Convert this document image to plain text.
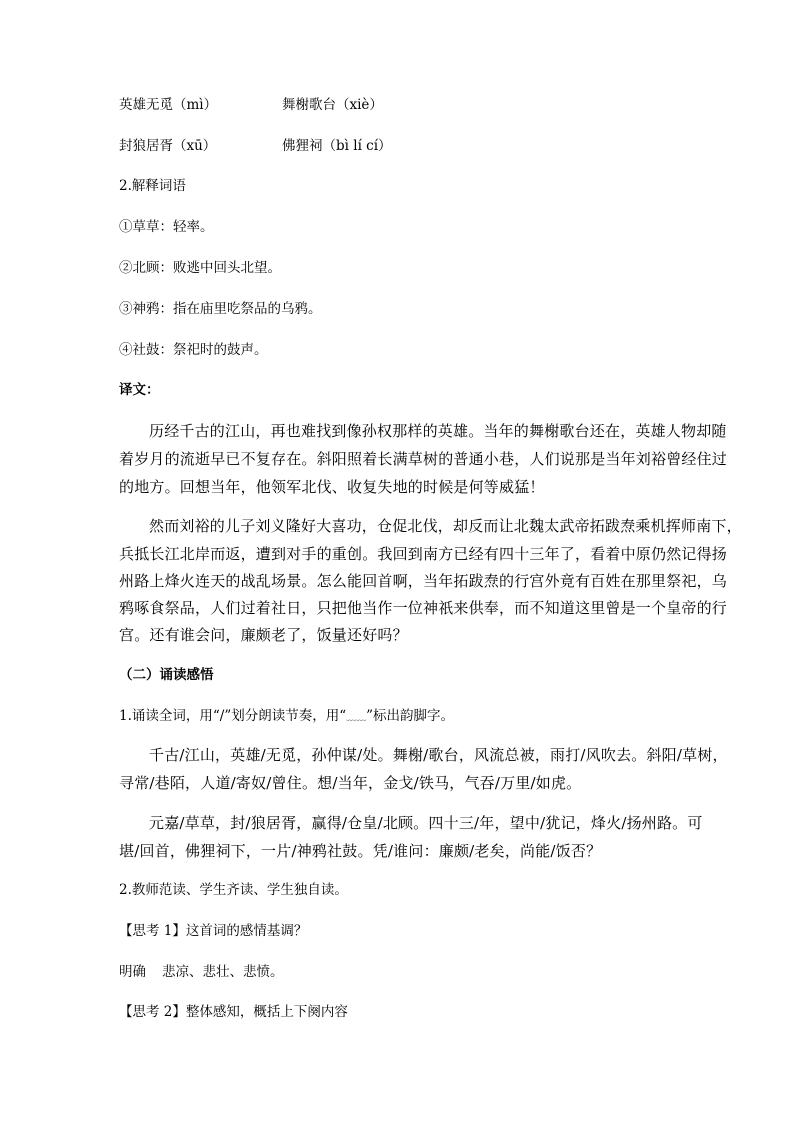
英雄无觅（mì）	舞榭歌台（xiè）
封狼居胥（xū）	佛狸祠（bì lí cí）
2.解释词语
①草草：轻率。
②北顾：败逃中回头北望。
③神鸦：指在庙里吃祭品的乌鸦。
④社鼓：祭祀时的鼓声。
译文：
历经千古的江山，再也难找到像孙权那样的英雄。当年的舞榭歌台还在，英雄人物却随
着岁月的流逝早已不复存在。斜阳照着长满草树的普通小巷，人们说那是当年刘裕曾经住过
的地方。回想当年，他领军北伐、收复失地的时候是何等威猛！
然而刘裕的儿子刘义隆好大喜功，仓促北伐，却反而让北魏太武帝拓跋焘乘机挥师南下，
兵抵长江北岸而返，遭到对手的重创。我回到南方已经有四十三年了，看着中原仍然记得扬
州路上烽火连天的战乱场景。怎么能回首啊，当年拓跋焘的行宫外竟有百姓在那里祭祀，乌
鸦啄食祭品，人们过着社日，只把他当作一位神祇来供奉，而不知道这里曾是一个皇帝的行
宫。还有谁会问，廉颇老了，饭量还好吗？
（二）诵读感悟
1.诵读全词，用“/”划分朗读节奏，用“﹏﹏”标出韵脚字。
千古/江山，英雄/无觅，孙仲谋/处。舞榭/歌台，风流总被，雨打/风吹去。斜阳/草树，
寻常/巷陌，人道/寄奴/曾住。想/当年，金戈/铁马，气吞/万里/如虎。
元嘉/草草，封/狼居胥，赢得/仓皇/北顾。四十三/年，望中/犹记，烽火/扬州路。可
堪/回首，佛狸祠下，一片/神鸦社鼓。凭/谁问：廉颇/老矣，尚能/饭否？
2.教师范读、学生齐读、学生独自读。
【思考 1】这首词的感情基调？
明确 悲凉、悲壮、悲愤。
【思考 2】整体感知，概括上下阕内容
